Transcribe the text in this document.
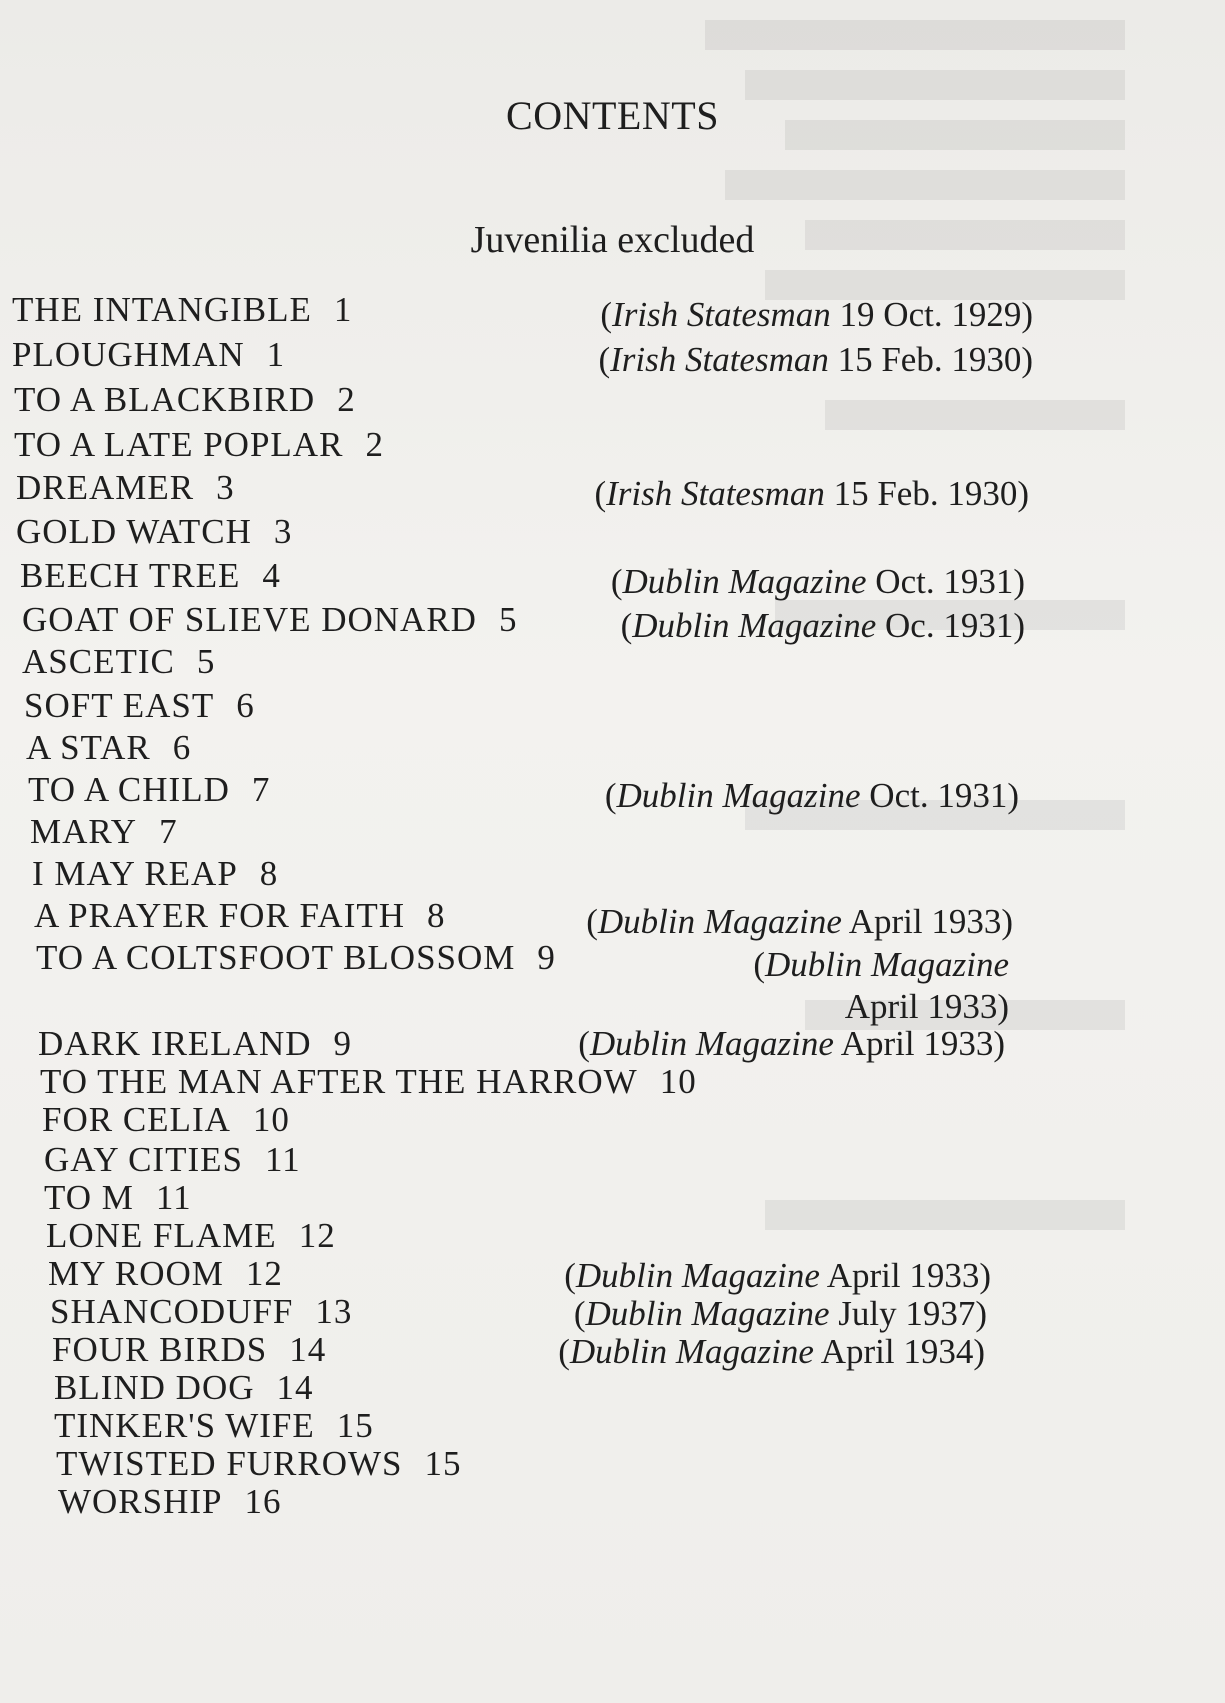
CONTENTS
Juvenilia excluded
THE INTANGIBLE 1
PLOUGHMAN 1
TO A BLACKBIRD 2
TO A LATE POPLAR 2
DREAMER 3
GOLD WATCH 3
BEECH TREE 4
GOAT OF SLIEVE DONARD 5
ASCETIC 5
SOFT EAST 6
A STAR 6
TO A CHILD 7
MARY 7
I MAY REAP 8
A PRAYER FOR FAITH 8
TO A COLTSFOOT BLOSSOM 9
DARK IRELAND 9
TO THE MAN AFTER THE HARROW 10
FOR CELIA 10
GAY CITIES 11
TO M 11
LONE FLAME 12
MY ROOM 12
SHANCODUFF 13
FOUR BIRDS 14
BLIND DOG 14
TINKER'S WIFE 15
TWISTED FURROWS 15
WORSHIP 16
(Irish Statesman 19 Oct. 1929)
(Irish Statesman 15 Feb. 1930)
(Irish Statesman 15 Feb. 1930)
(Dublin Magazine Oct. 1931)
(Dublin Magazine Oc. 1931)
(Dublin Magazine Oct. 1931)
(Dublin Magazine April 1933)
(Dublin Magazine
April 1933)
(Dublin Magazine April 1933)
(Dublin Magazine April 1933)
(Dublin Magazine July 1937)
(Dublin Magazine April 1934)
